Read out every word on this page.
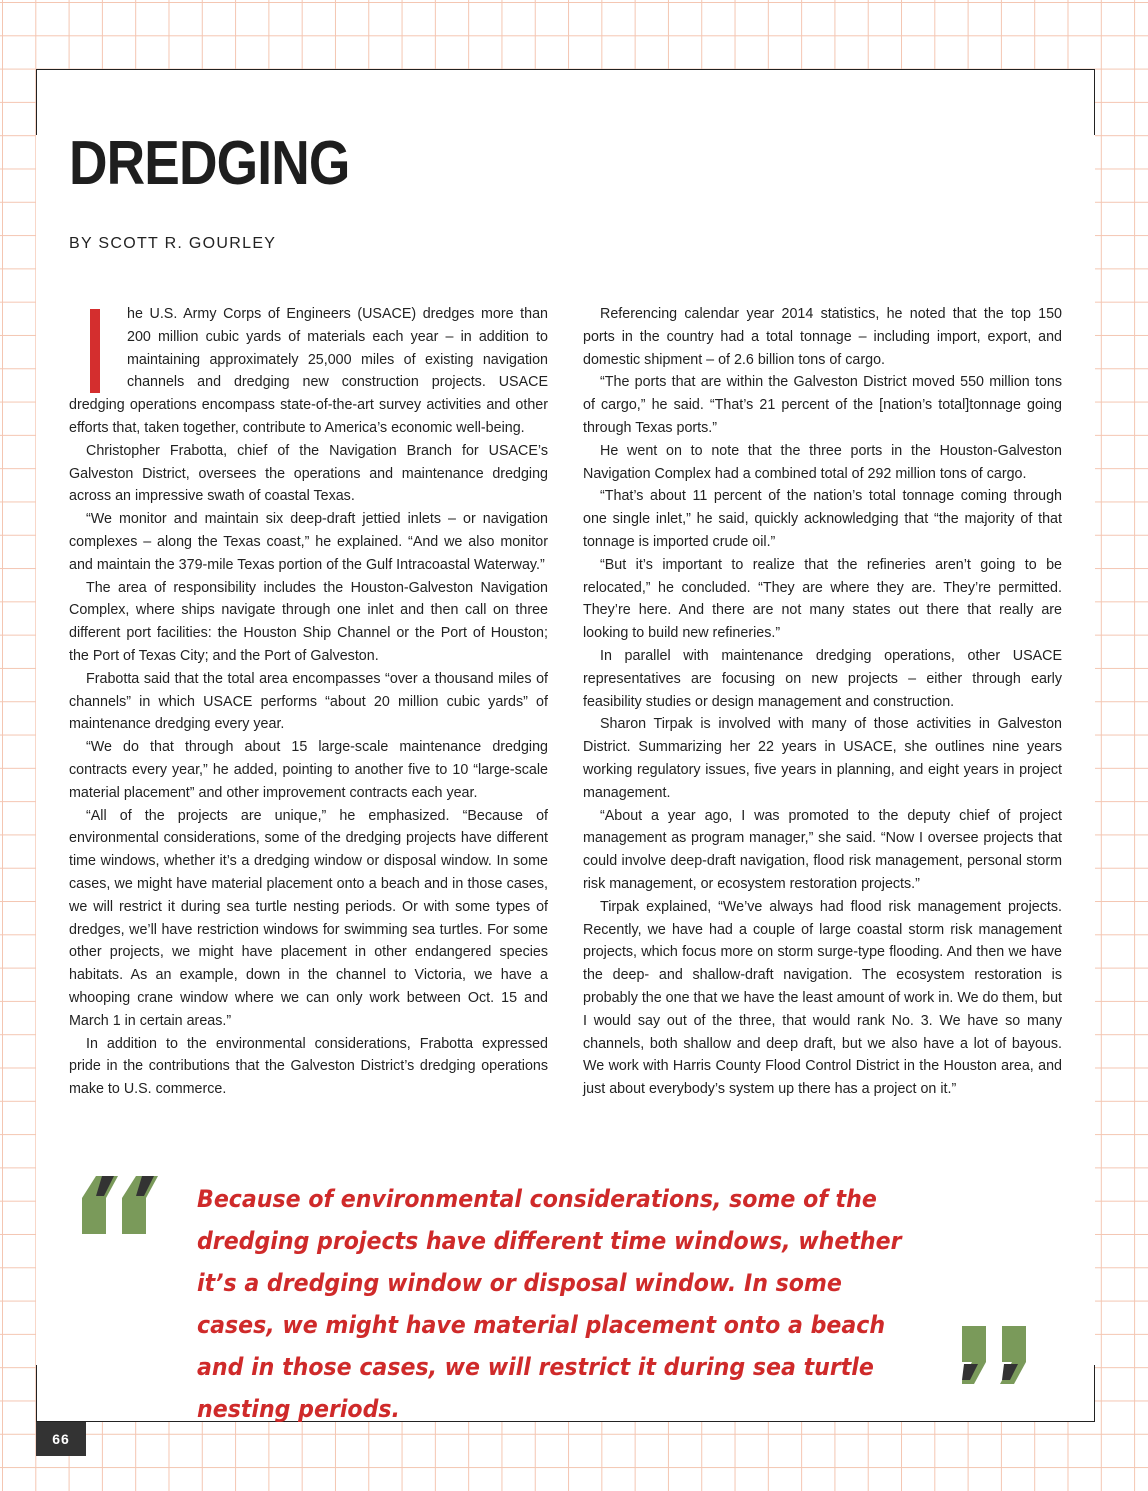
DREDGING

BY SCOTT R. GOURLEY

he U.S. Army Corps of Engineers (USACE) dredges more than 200 million cubic yards of materials each year – in addition to maintaining approximately 25,000 miles of existing navigation channels and dredging new construction projects. USACE dredging operations encompass state-of-the-art survey activities and other efforts that, taken together, contribute to America’s economic well-being.

Christopher Frabotta, chief of the Navigation Branch for USACE’s Galveston District, oversees the operations and maintenance dredging across an impressive swath of coastal Texas.

“We monitor and maintain six deep-draft jettied inlets – or navigation complexes – along the Texas coast,” he explained. “And we also monitor and maintain the 379-mile Texas portion of the Gulf Intracoastal Waterway.”

The area of responsibility includes the Houston-Galveston Navigation Complex, where ships navigate through one inlet and then call on three different port facilities: the Houston Ship Channel or the Port of Houston; the Port of Texas City; and the Port of Galveston.

Frabotta said that the total area encompasses “over a thousand miles of channels” in which USACE performs “about 20 million cubic yards” of maintenance dredging every year.

“We do that through about 15 large-scale maintenance dredging contracts every year,” he added, pointing to another five to 10 “large-scale material placement” and other improvement contracts each year.

“All of the projects are unique,” he emphasized. “Because of environmental considerations, some of the dredging projects have different time windows, whether it’s a dredging window or disposal window. In some cases, we might have material placement onto a beach and in those cases, we will restrict it during sea turtle nesting periods. Or with some types of dredges, we’ll have restriction windows for swimming sea turtles. For some other projects, we might have placement in other endangered species habitats. As an example, down in the channel to Victoria, we have a whooping crane window where we can only work between Oct. 15 and March 1 in certain areas.”

In addition to the environmental considerations, Frabotta expressed pride in the contributions that the Galveston District’s dredging operations make to U.S. commerce.

Referencing calendar year 2014 statistics, he noted that the top 150 ports in the country had a total tonnage – including import, export, and domestic shipment – of 2.6 billion tons of cargo.

“The ports that are within the Galveston District moved 550 million tons of cargo,” he said. “That’s 21 percent of the [nation’s total]tonnage going through Texas ports.”

He went on to note that the three ports in the Houston-Galveston Navigation Complex had a combined total of 292 million tons of cargo.

“That’s about 11 percent of the nation’s total tonnage coming through one single inlet,” he said, quickly acknowledging that “the majority of that tonnage is imported crude oil.”

“But it’s important to realize that the refineries aren’t going to be relocated,” he concluded. “They are where they are. They’re permitted. They’re here. And there are not many states out there that really are looking to build new refineries.”

In parallel with maintenance dredging operations, other USACE representatives are focusing on new projects – either through early feasibility studies or design management and construction.

Sharon Tirpak is involved with many of those activities in Galveston District. Summarizing her 22 years in USACE, she outlines nine years working regulatory issues, five years in planning, and eight years in project management.

“About a year ago, I was promoted to the deputy chief of project management as program manager,” she said. “Now I oversee projects that could involve deep-draft navigation, flood risk management, personal storm risk management, or ecosystem restoration projects.”

Tirpak explained, “We’ve always had flood risk management projects. Recently, we have had a couple of large coastal storm risk management projects, which focus more on storm surge-type flooding. And then we have the deep- and shallow-draft navigation. The ecosystem restoration is probably the one that we have the least amount of work in. We do them, but I would say out of the three, that would rank No. 3. We have so many channels, both shallow and deep draft, but we also have a lot of bayous. We work with Harris County Flood Control District in the Houston area, and just about everybody’s system up there has a project on it.”

Because of environmental considerations, some of the dredging projects have different time windows, whether it’s a dredging window or disposal window. In some cases, we might have material placement onto a beach and in those cases, we will restrict it during sea turtle nesting periods.

66
